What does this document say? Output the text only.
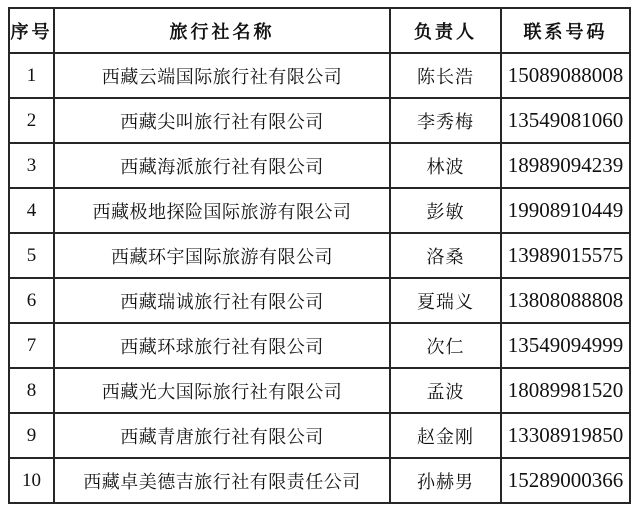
序号	旅行社名称	负责人	联系号码
1	西藏云端国际旅行社有限公司	陈长浩	15089088008
2	西藏尖叫旅行社有限公司	李秀梅	13549081060
3	西藏海派旅行社有限公司	林波	18989094239
4	西藏极地探险国际旅游有限公司	彭敏	19908910449
5	西藏环宇国际旅游有限公司	洛桑	13989015575
6	西藏瑞诚旅行社有限公司	夏瑞义	13808088808
7	西藏环球旅行社有限公司	次仁	13549094999
8	西藏光大国际旅行社有限公司	孟波	18089981520
9	西藏青唐旅行社有限公司	赵金刚	13308919850
10	西藏卓美德吉旅行社有限责任公司	孙赫男	15289000366
